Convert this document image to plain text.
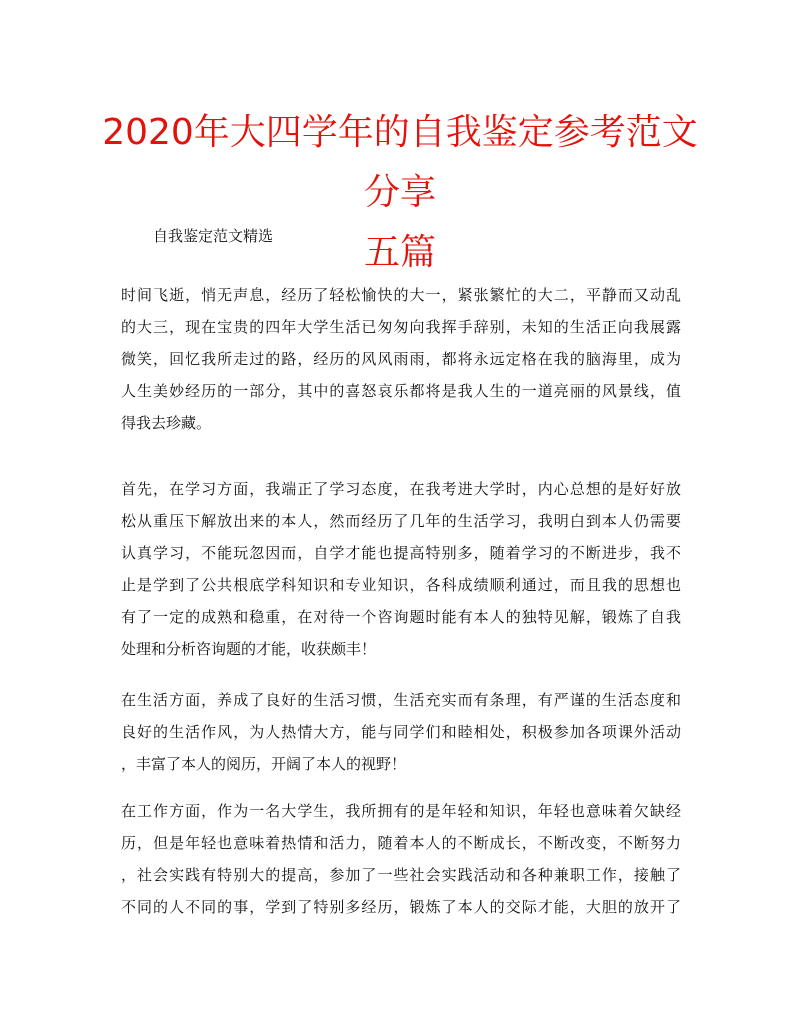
2020年大四学年的自我鉴定参考范文分享
五篇

自我鉴定范文精选

时间飞逝，悄无声息，经历了轻松愉快的大一，紧张繁忙的大二，平静而又动乱
的大三，现在宝贵的四年大学生活已匆匆向我挥手辞别，未知的生活正向我展露
微笑，回忆我所走过的路，经历的风风雨雨，都将永远定格在我的脑海里，成为
人生美妙经历的一部分，其中的喜怒哀乐都将是我人生的一道亮丽的风景线，值
得我去珍藏。
首先，在学习方面，我端正了学习态度，在我考进大学时，内心总想的是好好放
松从重压下解放出来的本人，然而经历了几年的生活学习，我明白到本人仍需要
认真学习，不能玩忽因而，自学才能也提高特别多，随着学习的不断进步，我不
止是学到了公共根底学科知识和专业知识，各科成绩顺利通过，而且我的思想也
有了一定的成熟和稳重，在对待一个咨询题时能有本人的独特见解，锻炼了自我
处理和分析咨询题的才能，收获颇丰！
在生活方面，养成了良好的生活习惯，生活充实而有条理，有严谨的生活态度和
良好的生活作风，为人热情大方，能与同学们和睦相处，积极参加各项课外活动
，丰富了本人的阅历，开阔了本人的视野！
在工作方面，作为一名大学生，我所拥有的是年轻和知识，年轻也意味着欠缺经
历，但是年轻也意味着热情和活力，随着本人的不断成长，不断改变，不断努力
，社会实践有特别大的提高，参加了一些社会实践活动和各种兼职工作，接触了
不同的人不同的事，学到了特别多经历，锻炼了本人的交际才能，大胆的放开了
